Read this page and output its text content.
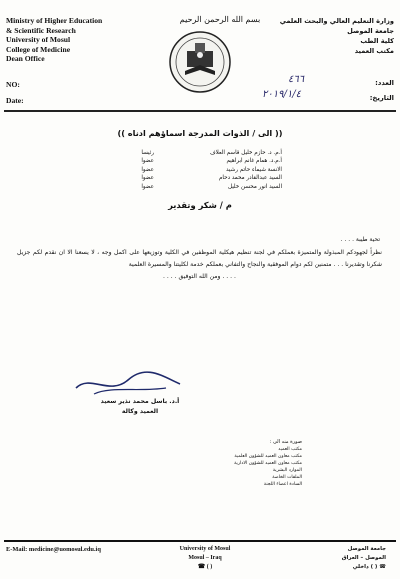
Ministry of Higher Education
& Scientific Research
University of Mosul
College of Medicine
Dean Office
بسم الله الرحمن الرحيم	وزارة التعليم العالي والبحث العلمي
جامعة الموصل
كلية الطب
مكتب العميد
NO:
Date:
العدد:
التاريخ:
٤٦٦
٢٠١٩/١/٤
(( الى / الذوات المدرجة اسماؤهم ادناه ))
أ.م. د. حازم خليل قاسم العلاف
رئيسا
أ.م.د. همام غانم ابراهيم
عضوا
الانسة شيماء حاتم رشيد
عضوا
السيد عبدالقادر محمد دحام
عضوا
السيد انور محسن خليل
عضوا
م / شكر وتقدير
تحية طيبة . . . .

نظراً لجهودكم المبذولة والمتميزة بعملكم في لجنة تنظيم هيكلية الموظفين في الكلية وتوزيعها على اكمل وجه ، لا يسعنا الا ان نقدم لكم جزيل شكرنا وتقديرنا . . . متمنين لكم دوام الموفقية والنجاح والتفاني بعملكم خدمة لكليتنا والمسيرة العلمية

. . . . ومن الله التوفيق . . . .

أ.د. باسل محمد نذير سعيد
العميد وكالة
صورة منه الى :
مكتب العميد
مكتب معاون العميد للشؤون العلمية
مكتب معاون العميد للشؤون الادارية
الموارد البشرية
الملفات الخاصة
السادة اعضاء اللجنة
E-Mail: medicine@uomosul.edu.iq	University of Mosul
Mosul – Iraq
☎ ( )
جامعة الموصل
الموصل – العراق
☎ ( ) داخلي
